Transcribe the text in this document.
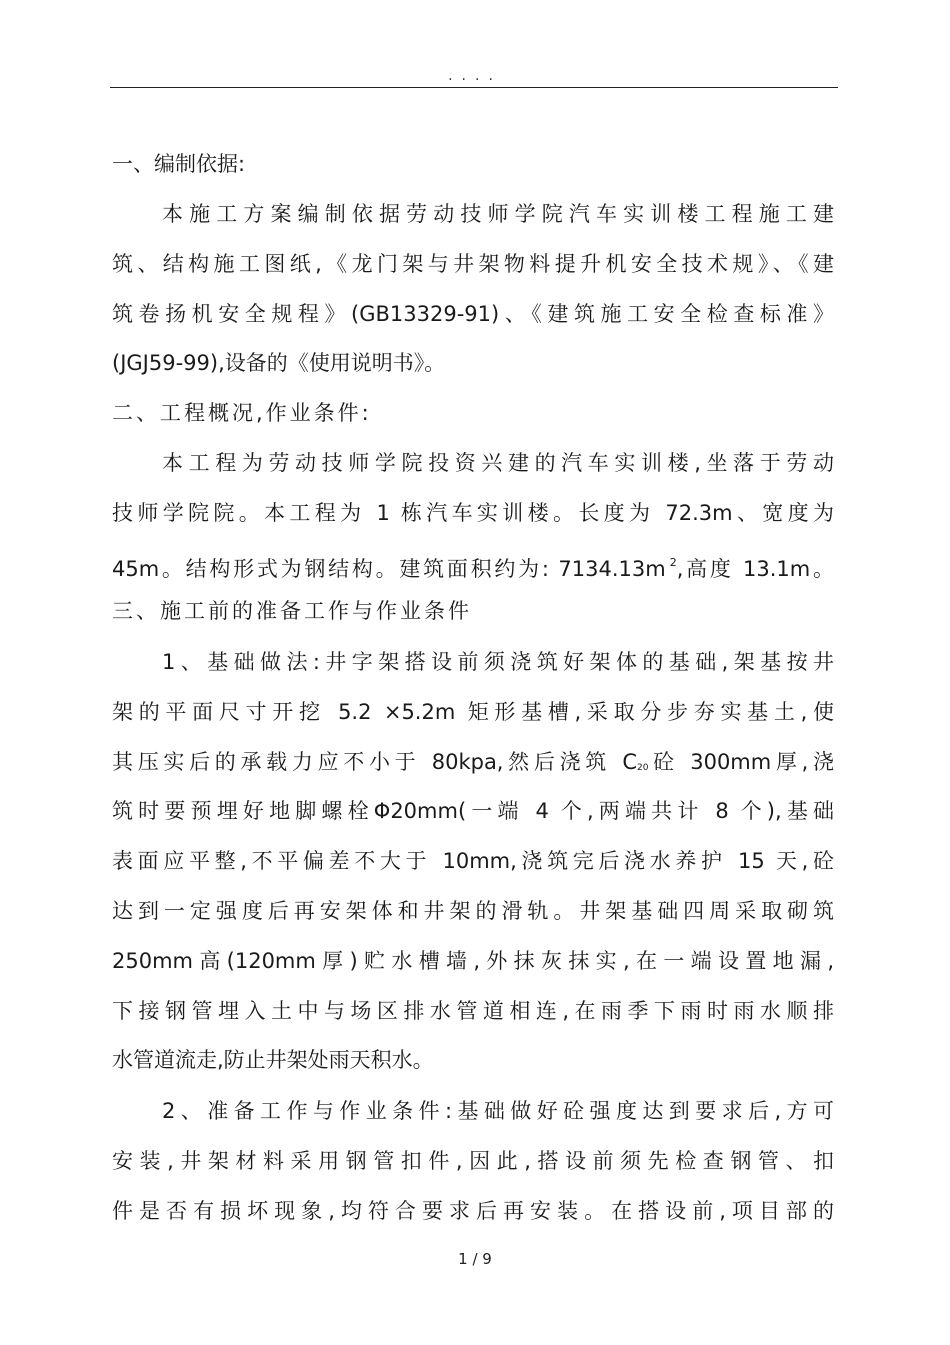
....
一、编制依据:
本施工方案编制依据劳动技师学院汽车实训楼工程施工建
筑、结构施工图纸,《龙门架与井架物料提升机安全技术规》、《建
筑卷扬机安全规程》(GB13329-91)、《建筑施工安全检查标准》
(JGJ59-99),设备的《使用说明书》。
二、工程概况,作业条件:
本工程为劳动技师学院投资兴建的汽车实训楼,坐落于劳动
技师学院院。本工程为 1 栋汽车实训楼。长度为 72.3m、宽度为
45m。结构形式为钢结构。建筑面积约为: 7134.13m $^2$,高度 13.1m。
三、施工前的准备工作与作业条件
1、基础做法:井字架搭设前须浇筑好架体的基础,架基按井
架的平面尺寸开挖 5.2 ×5.2m 矩形基槽,采取分步夯实基土,使
其压实后的承载力应不小于 80kpa,然后浇筑 C20砼 300mm厚,浇
筑时要预埋好地脚螺栓Φ20mm(一端 4 个,两端共计 8 个),基础
表面应平整,不平偏差不大于 10mm,浇筑完后浇水养护 15 天,砼
达到一定强度后再安架体和井架的滑轨。井架基础四周采取砌筑
250mm高(120mm厚)贮水槽墙,外抹灰抹实,在一端设置地漏,
下接钢管埋入土中与场区排水管道相连,在雨季下雨时雨水顺排
水管道流走,防止井架处雨天积水。
2、准备工作与作业条件:基础做好砼强度达到要求后,方可
安装,井架材料采用钢管扣件,因此,搭设前须先检查钢管、扣
件是否有损坏现象,均符合要求后再安装。在搭设前,项目部的
1 / 9
